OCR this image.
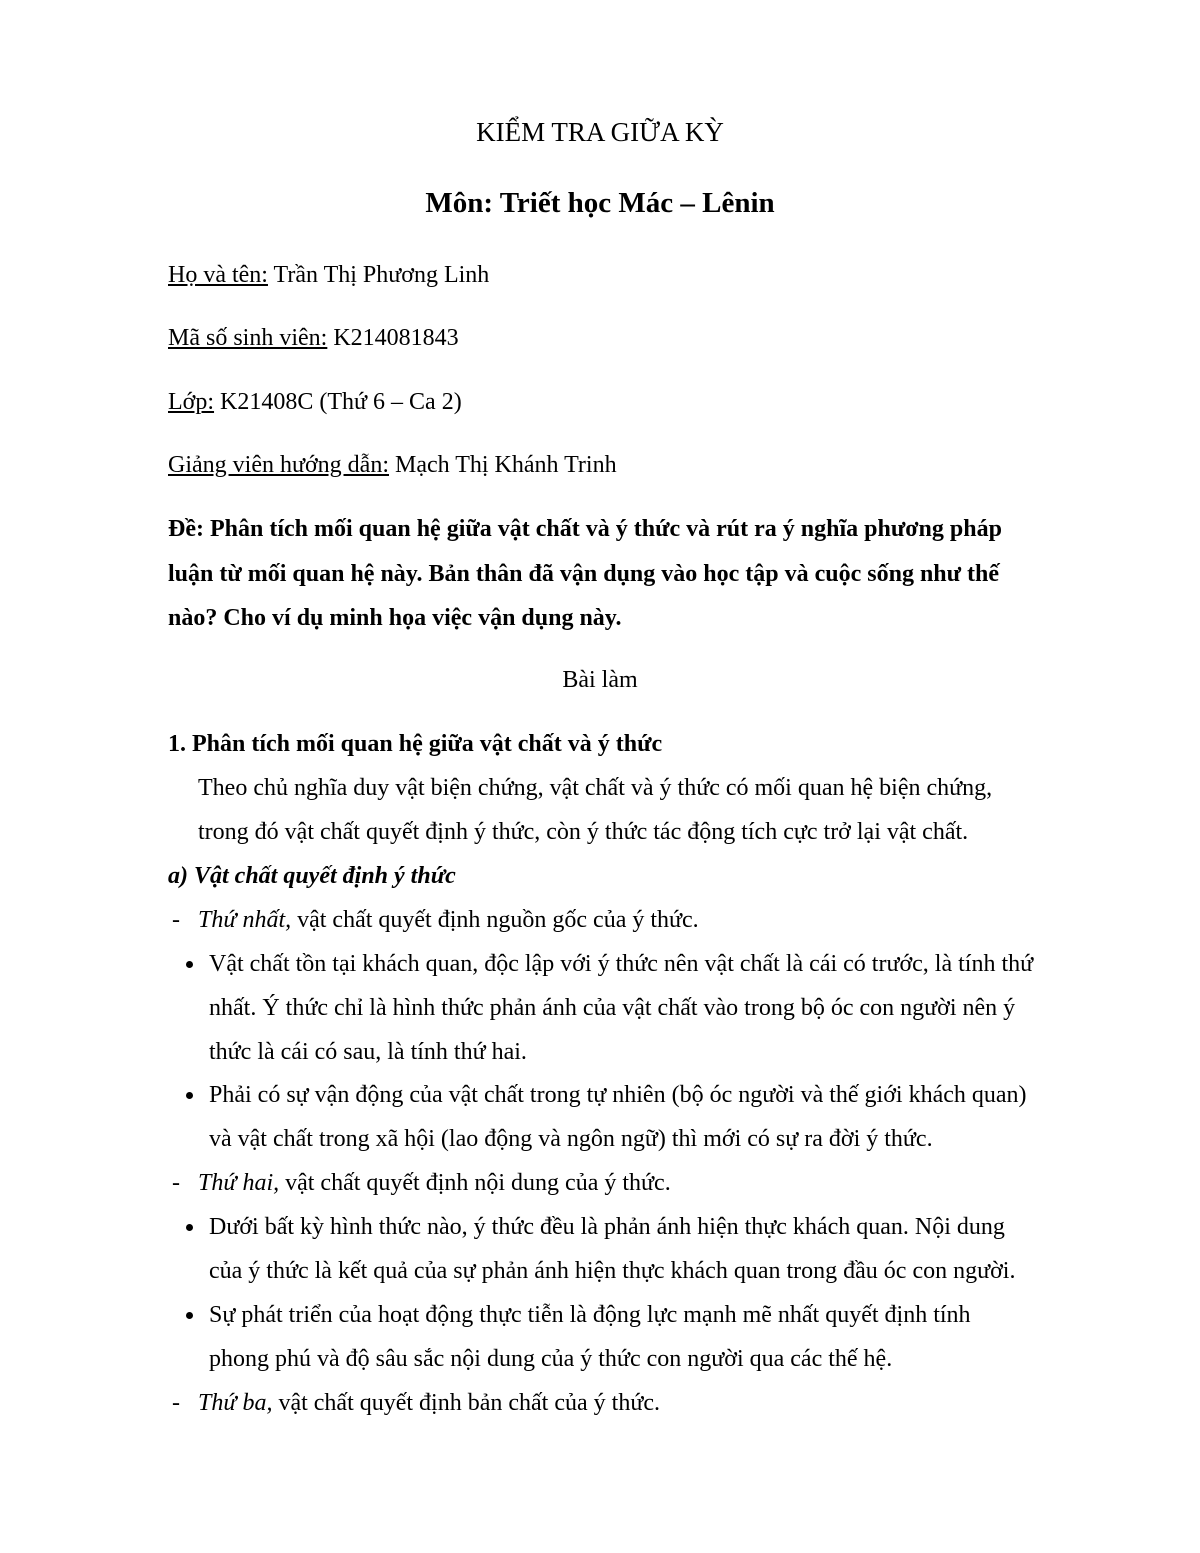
KIỂM TRA GIỮA KỲ
Môn: Triết học Mác – Lênin
Họ và tên: Trần Thị Phương Linh
Mã số sinh viên: K214081843
Lớp: K21408C (Thứ 6 – Ca 2)
Giảng viên hướng dẫn: Mạch Thị Khánh Trinh
Đề: Phân tích mối quan hệ giữa vật chất và ý thức và rút ra ý nghĩa phương pháp
luận từ mối quan hệ này. Bản thân đã vận dụng vào học tập và cuộc sống như thế
nào? Cho ví dụ minh họa việc vận dụng này.
Bài làm
1. Phân tích mối quan hệ giữa vật chất và ý thức
Theo chủ nghĩa duy vật biện chứng, vật chất và ý thức có mối quan hệ biện chứng,
trong đó vật chất quyết định ý thức, còn ý thức tác động tích cực trở lại vật chất.
a) Vật chất quyết định ý thức
- Thứ nhất, vật chất quyết định nguồn gốc của ý thức.
Vật chất tồn tại khách quan, độc lập với ý thức nên vật chất là cái có trước, là tính thứ
nhất. Ý thức chỉ là hình thức phản ánh của vật chất vào trong bộ óc con người nên ý
thức là cái có sau, là tính thứ hai.
Phải có sự vận động của vật chất trong tự nhiên (bộ óc người và thế giới khách quan)
và vật chất trong xã hội (lao động và ngôn ngữ) thì mới có sự ra đời ý thức.
- Thứ hai, vật chất quyết định nội dung của ý thức.
Dưới bất kỳ hình thức nào, ý thức đều là phản ánh hiện thực khách quan. Nội dung
của ý thức là kết quả của sự phản ánh hiện thực khách quan trong đầu óc con người.
Sự phát triển của hoạt động thực tiễn là động lực mạnh mẽ nhất quyết định tính
phong phú và độ sâu sắc nội dung của ý thức con người qua các thế hệ.
- Thứ ba, vật chất quyết định bản chất của ý thức.
